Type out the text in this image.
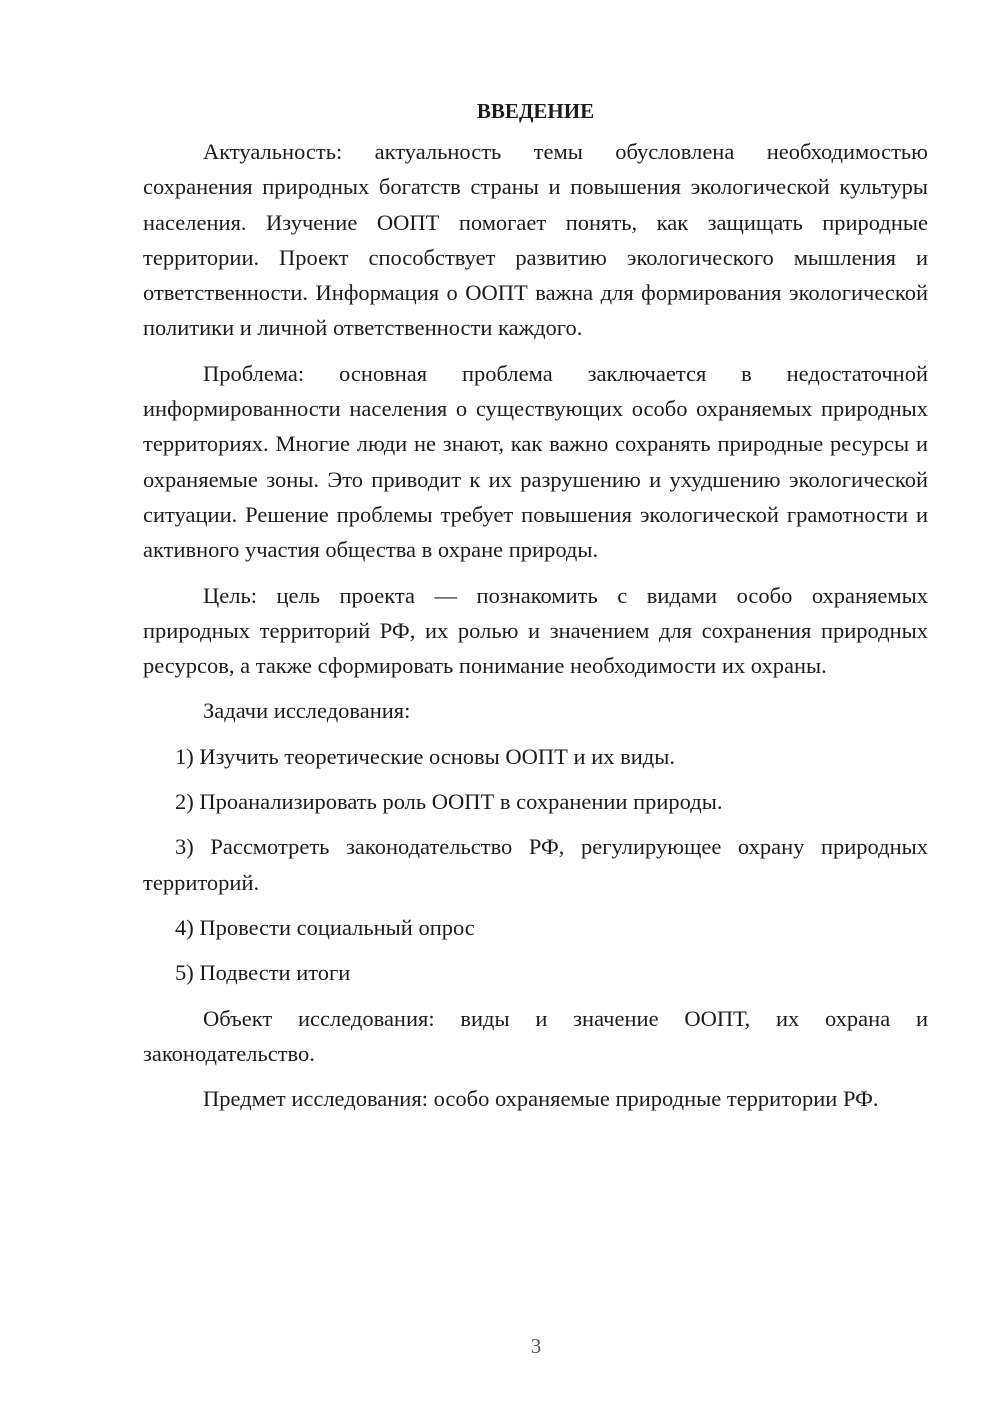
ВВЕДЕНИЕ

Актуальность: актуальность темы обусловлена необходимостью сохранения природных богатств страны и повышения экологической культуры населения. Изучение ООПТ помогает понять, как защищать природные территории. Проект способствует развитию экологического мышления и ответственности. Информация о ООПТ важна для формирования экологической политики и личной ответственности каждого.

Проблема: основная проблема заключается в недостаточной информированности населения о существующих особо охраняемых природных территориях. Многие люди не знают, как важно сохранять природные ресурсы и охраняемые зоны. Это приводит к их разрушению и ухудшению экологической ситуации. Решение проблемы требует повышения экологической грамотности и активного участия общества в охране природы.

Цель: цель проекта — познакомить с видами особо охраняемых природных территорий РФ, их ролью и значением для сохранения природных ресурсов, а также сформировать понимание необходимости их охраны.

Задачи исследования:

1) Изучить теоретические основы ООПТ и их виды.

2) Проанализировать роль ООПТ в сохранении природы.

3) Рассмотреть законодательство РФ, регулирующее охрану природных территорий.

4) Провести социальный опрос

5) Подвести итоги

Объект исследования: виды и значение ООПТ, их охрана и законодательство.

Предмет исследования: особо охраняемые природные территории РФ.

3
